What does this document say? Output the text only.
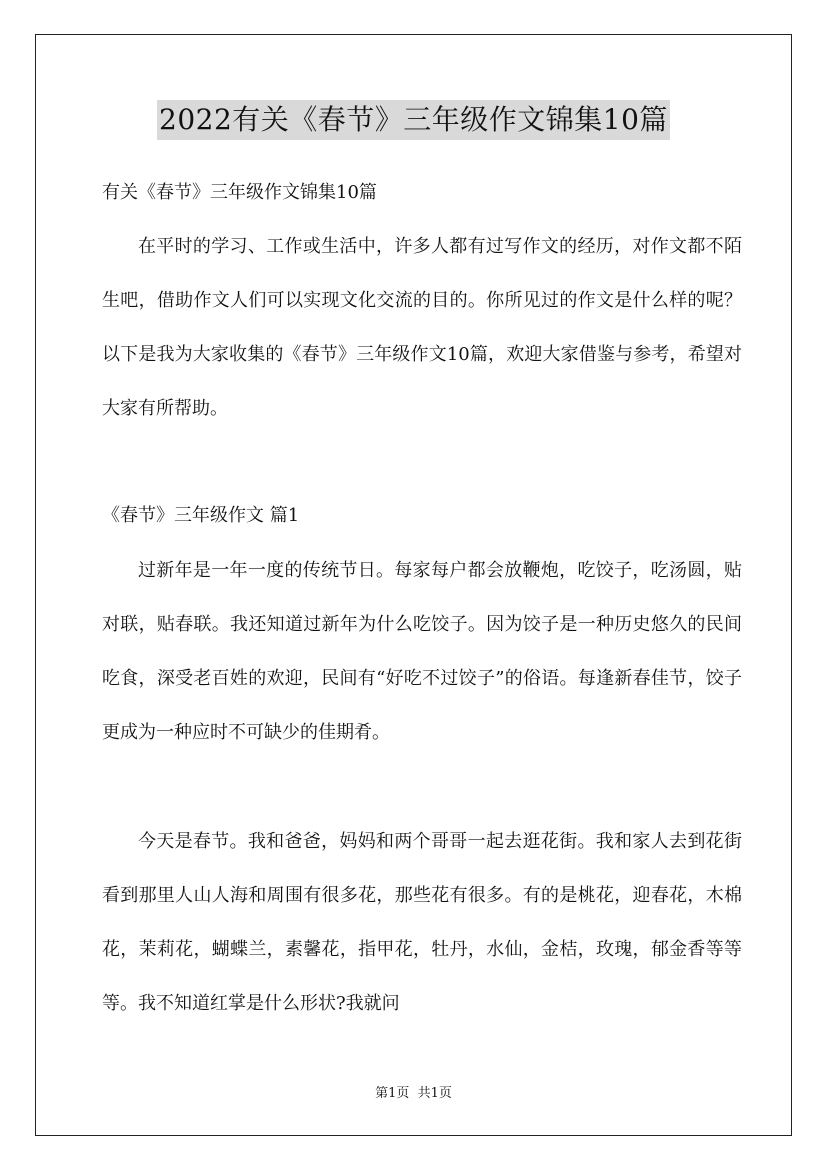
2022有关《春节》三年级作文锦集10篇
有关《春节》三年级作文锦集10篇

在平时的学习、工作或生活中，许多人都有过写作文的经历，对作文都不陌生吧，借助作文人们可以实现文化交流的目的。你所见过的作文是什么样的呢？以下是我为大家收集的《春节》三年级作文10篇，欢迎大家借鉴与参考，希望对大家有所帮助。

《春节》三年级作文 篇1

过新年是一年一度的传统节日。每家每户都会放鞭炮，吃饺子，吃汤圆，贴对联，贴春联。我还知道过新年为什么吃饺子。因为饺子是一种历史悠久的民间吃食，深受老百姓的欢迎，民间有“好吃不过饺子”的俗语。每逢新春佳节，饺子更成为一种应时不可缺少的佳期肴。

今天是春节。我和爸爸，妈妈和两个哥哥一起去逛花街。我和家人去到花街看到那里人山人海和周围有很多花，那些花有很多。有的是桃花，迎春花，木棉花，茉莉花，蝴蝶兰，素馨花，指甲花，牡丹，水仙，金桔，玫瑰，郁金香等等等。我不知道红掌是什么形状?我就问

第1页 共1页
